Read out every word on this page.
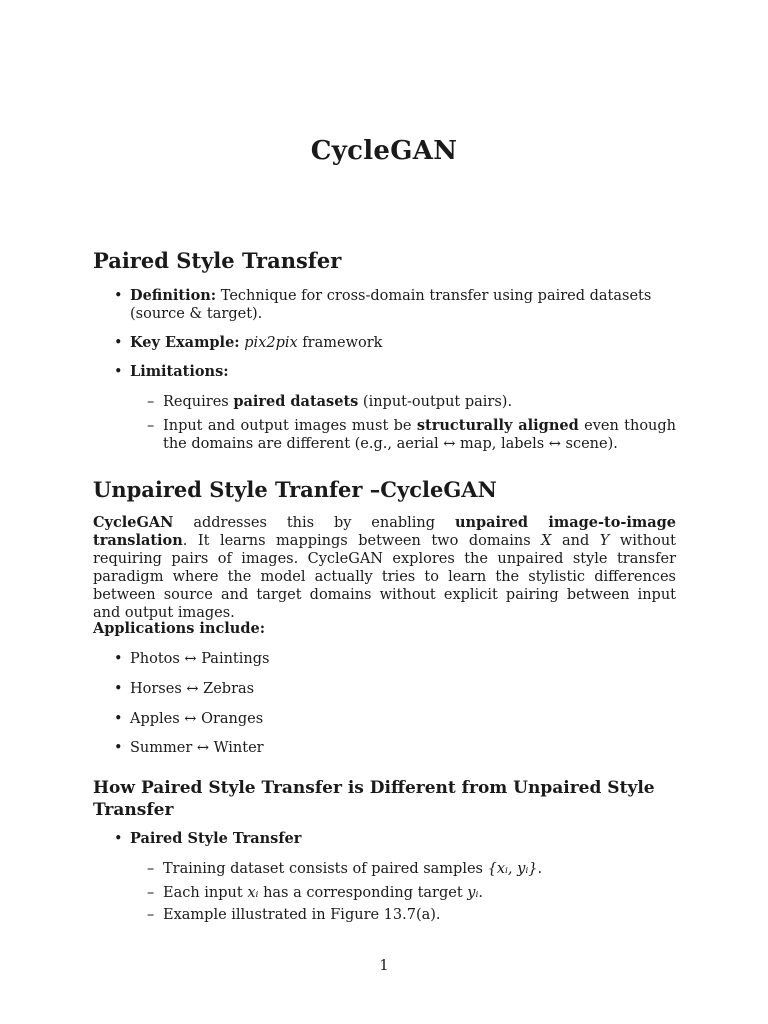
CycleGAN
Paired Style Transfer
• Definition: Technique for cross-domain transfer using paired datasets (source & target).
• Key Example: pix2pix framework
• Limitations:
– Requires paired datasets (input-output pairs).
– Input and output images must be structurally aligned even though the domains are different (e.g., aerial ↔ map, labels ↔ scene).
Unpaired Style Tranfer –CycleGAN
CycleGAN addresses this by enabling unpaired image-to-image translation. It learns mappings between two domains X and Y without requiring pairs of images. CycleGAN explores the unpaired style transfer paradigm where the model actually tries to learn the stylistic differences between source and target domains without explicit pairing between input and output images.
Applications include:
• Photos ↔ Paintings
• Horses ↔ Zebras
• Apples ↔ Oranges
• Summer ↔ Winter
How Paired Style Transfer is Different from Unpaired Style Transfer
• Paired Style Transfer
– Training dataset consists of paired samples {xᵢ, yᵢ}.
– Each input xᵢ has a corresponding target yᵢ.
– Example illustrated in Figure 13.7(a).
1
